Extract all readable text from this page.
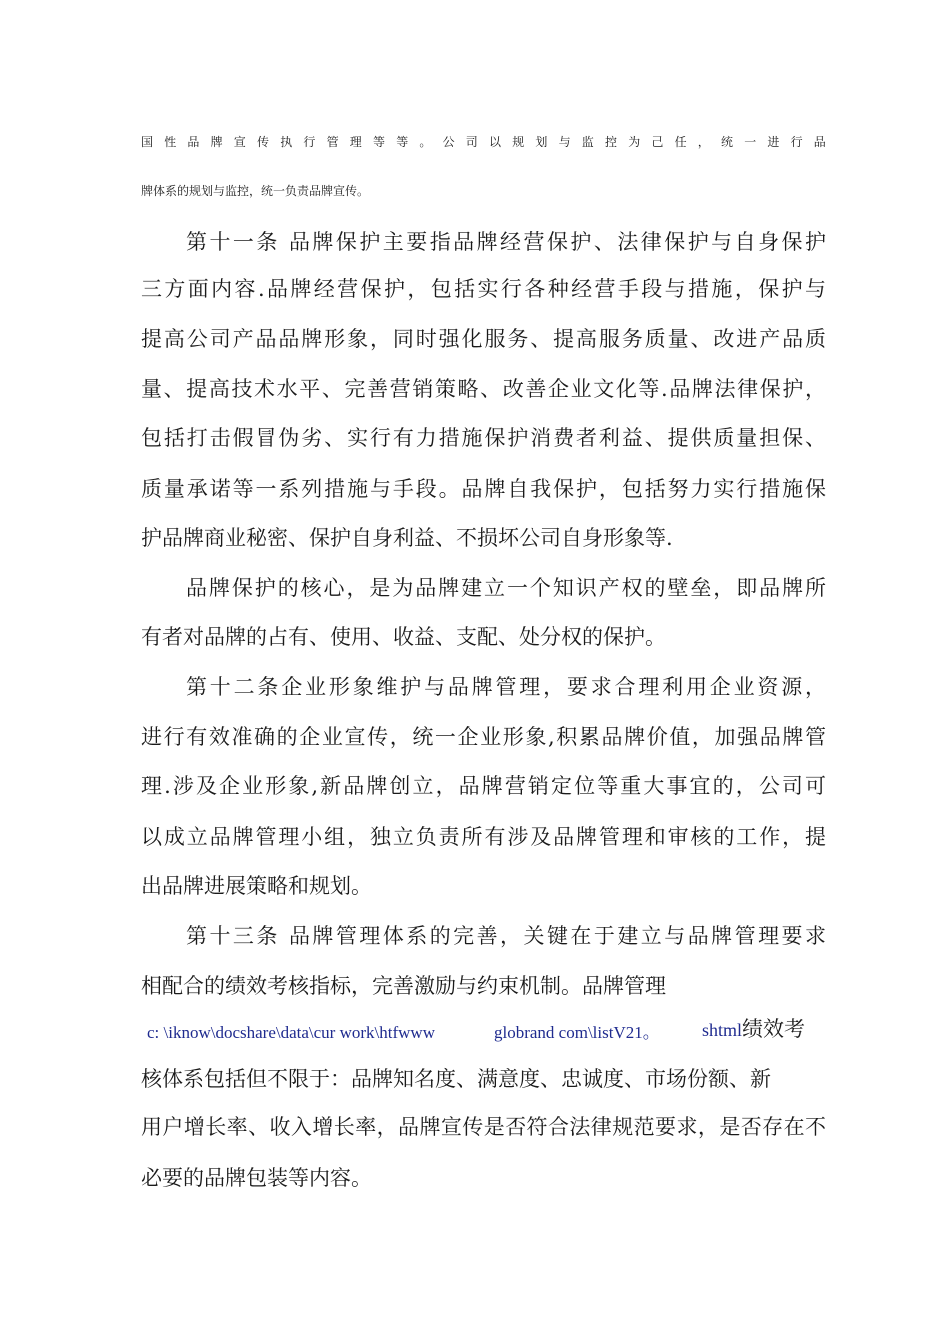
国性品牌宣传执行管理等等。公司以规划与监控为己任，统一进行品
牌体系的规划与监控，统一负责品牌宣传。
第十一条 品牌保护主要指品牌经营保护、法律保护与自身保护
三方面内容.品牌经营保护，包括实行各种经营手段与措施，保护与
提高公司产品品牌形象，同时强化服务、提高服务质量、改进产品质
量、提高技术水平、完善营销策略、改善企业文化等.品牌法律保护，
包括打击假冒伪劣、实行有力措施保护消费者利益、提供质量担保、
质量承诺等一系列措施与手段。品牌自我保护，包括努力实行措施保
护品牌商业秘密、保护自身利益、不损坏公司自身形象等.
品牌保护的核心，是为品牌建立一个知识产权的壁垒，即品牌所
有者对品牌的占有、使用、收益、支配、处分权的保护。
第十二条企业形象维护与品牌管理，要求合理利用企业资源，
进行有效准确的企业宣传，统一企业形象,积累品牌价值，加强品牌管
理.涉及企业形象,新品牌创立，品牌营销定位等重大事宜的，公司可
以成立品牌管理小组，独立负责所有涉及品牌管理和审核的工作，提
出品牌进展策略和规划。
第十三条 品牌管理体系的完善，关键在于建立与品牌管理要求
相配合的绩效考核指标，完善激励与约束机制。品牌管理
c: \iknow\docshare\data\cur work\htfwww	globrand com\listV21。 shtml绩效考
核体系包括但不限于：品牌知名度、满意度、忠诚度、市场份额、新
用户增长率、收入增长率，品牌宣传是否符合法律规范要求，是否存在不
必要的品牌包装等内容。
